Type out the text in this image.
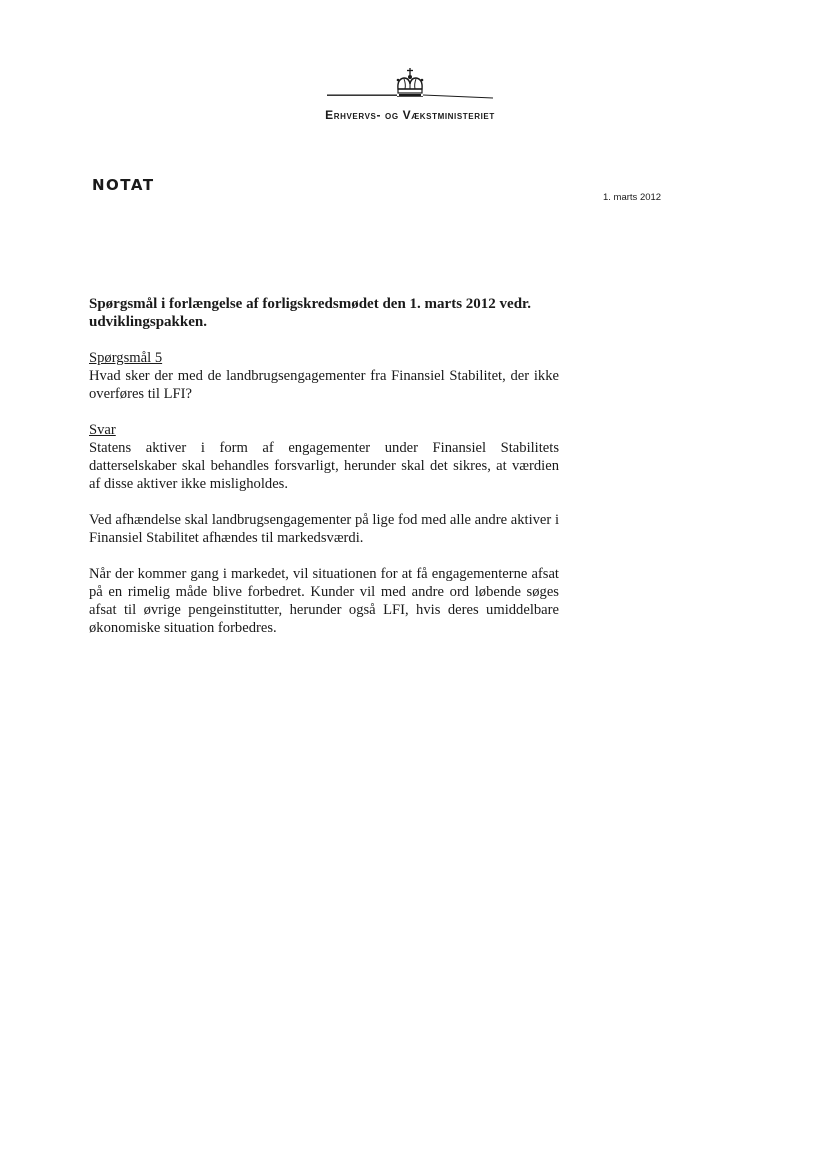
Erhvervs- og Vækstministeriet
NOTAT
1. marts 2012

Spørgsmål i forlængelse af forligskredsmødet den 1. marts 2012 vedr. udviklingspakken.

Spørgsmål 5

Hvad sker der med de landbrugsengagementer fra Finansiel Stabilitet, der ikke overføres til LFI?

Svar

Statens aktiver i form af engagementer under Finansiel Stabilitets datterselskaber skal behandles forsvarligt, herunder skal det sikres, at værdien af disse aktiver ikke misligholdes.

Ved afhændelse skal landbrugsengagementer på lige fod med alle andre aktiver i Finansiel Stabilitet afhændes til markedsværdi.

Når der kommer gang i markedet, vil situationen for at få engagementerne afsat på en rimelig måde blive forbedret. Kunder vil med andre ord løbende søges afsat til øvrige pengeinstitutter, herunder også LFI, hvis deres umiddelbare økonomiske situation forbedres.
